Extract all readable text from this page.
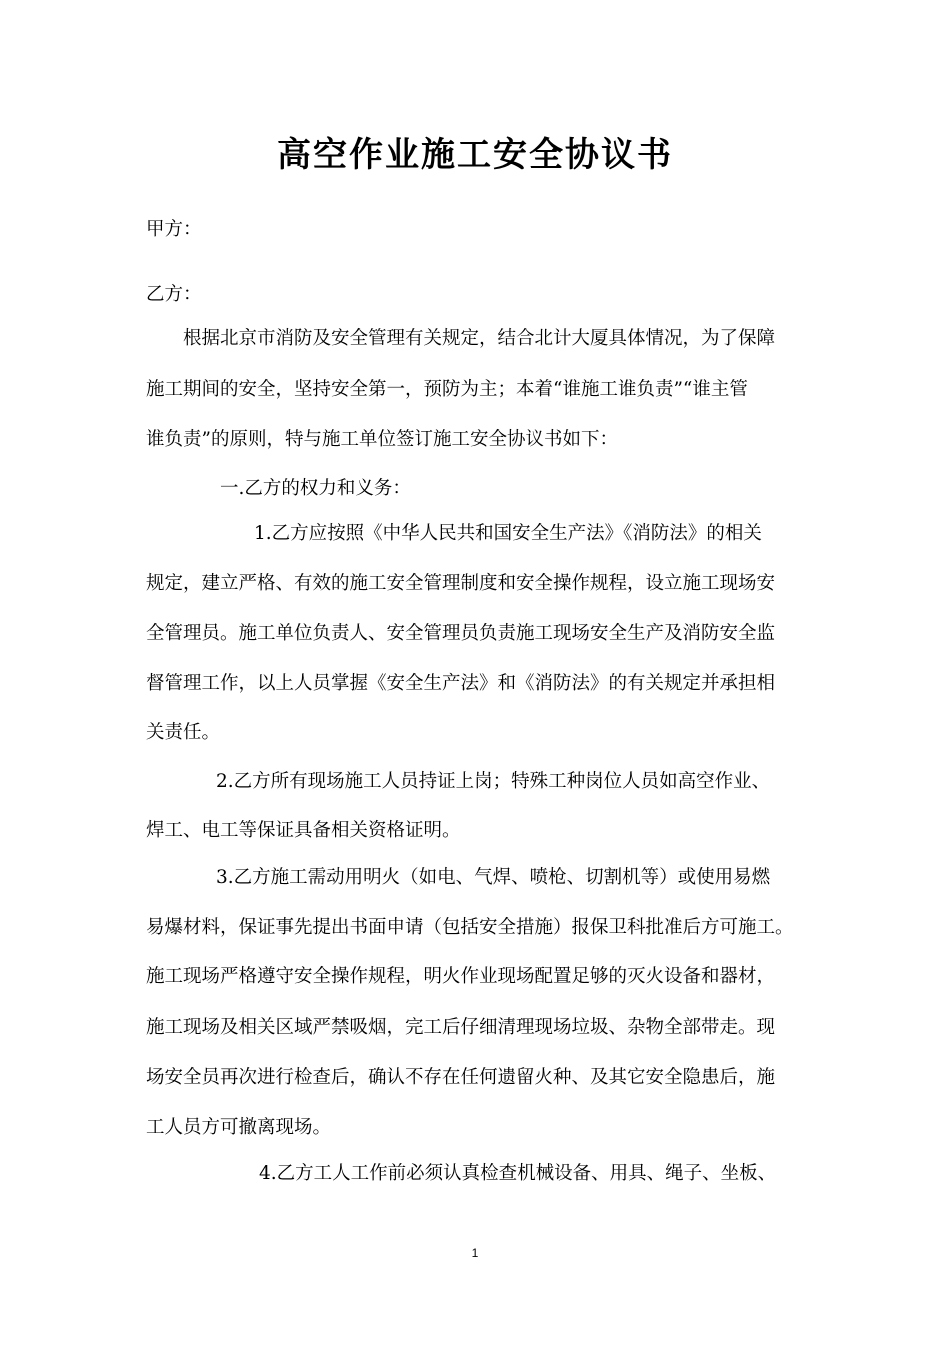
高空作业施工安全协议书

甲方：

乙方：

根据北京市消防及安全管理有关规定，结合北计大厦具体情况，为了保障

施工期间的安全，坚持安全第一，预防为主；本着“谁施工谁负责”“谁主管

谁负责”的原则，特与施工单位签订施工安全协议书如下：

一.乙方的权力和义务：

1.乙方应按照《中华人民共和国安全生产法》《消防法》的相关

规定，建立严格、有效的施工安全管理制度和安全操作规程，设立施工现场安

全管理员。施工单位负责人、安全管理员负责施工现场安全生产及消防安全监

督管理工作，以上人员掌握《安全生产法》和《消防法》的有关规定并承担相

关责任。

2.乙方所有现场施工人员持证上岗；特殊工种岗位人员如高空作业、

焊工、电工等保证具备相关资格证明。

3.乙方施工需动用明火（如电、气焊、喷枪、切割机等）或使用易燃

易爆材料，保证事先提出书面申请（包括安全措施）报保卫科批准后方可施工。

施工现场严格遵守安全操作规程，明火作业现场配置足够的灭火设备和器材，

施工现场及相关区域严禁吸烟，完工后仔细清理现场垃圾、杂物全部带走。现

场安全员再次进行检查后，确认不存在任何遗留火种、及其它安全隐患后，施

工人员方可撤离现场。

4.乙方工人工作前必须认真检查机械设备、用具、绳子、坐板、

1
